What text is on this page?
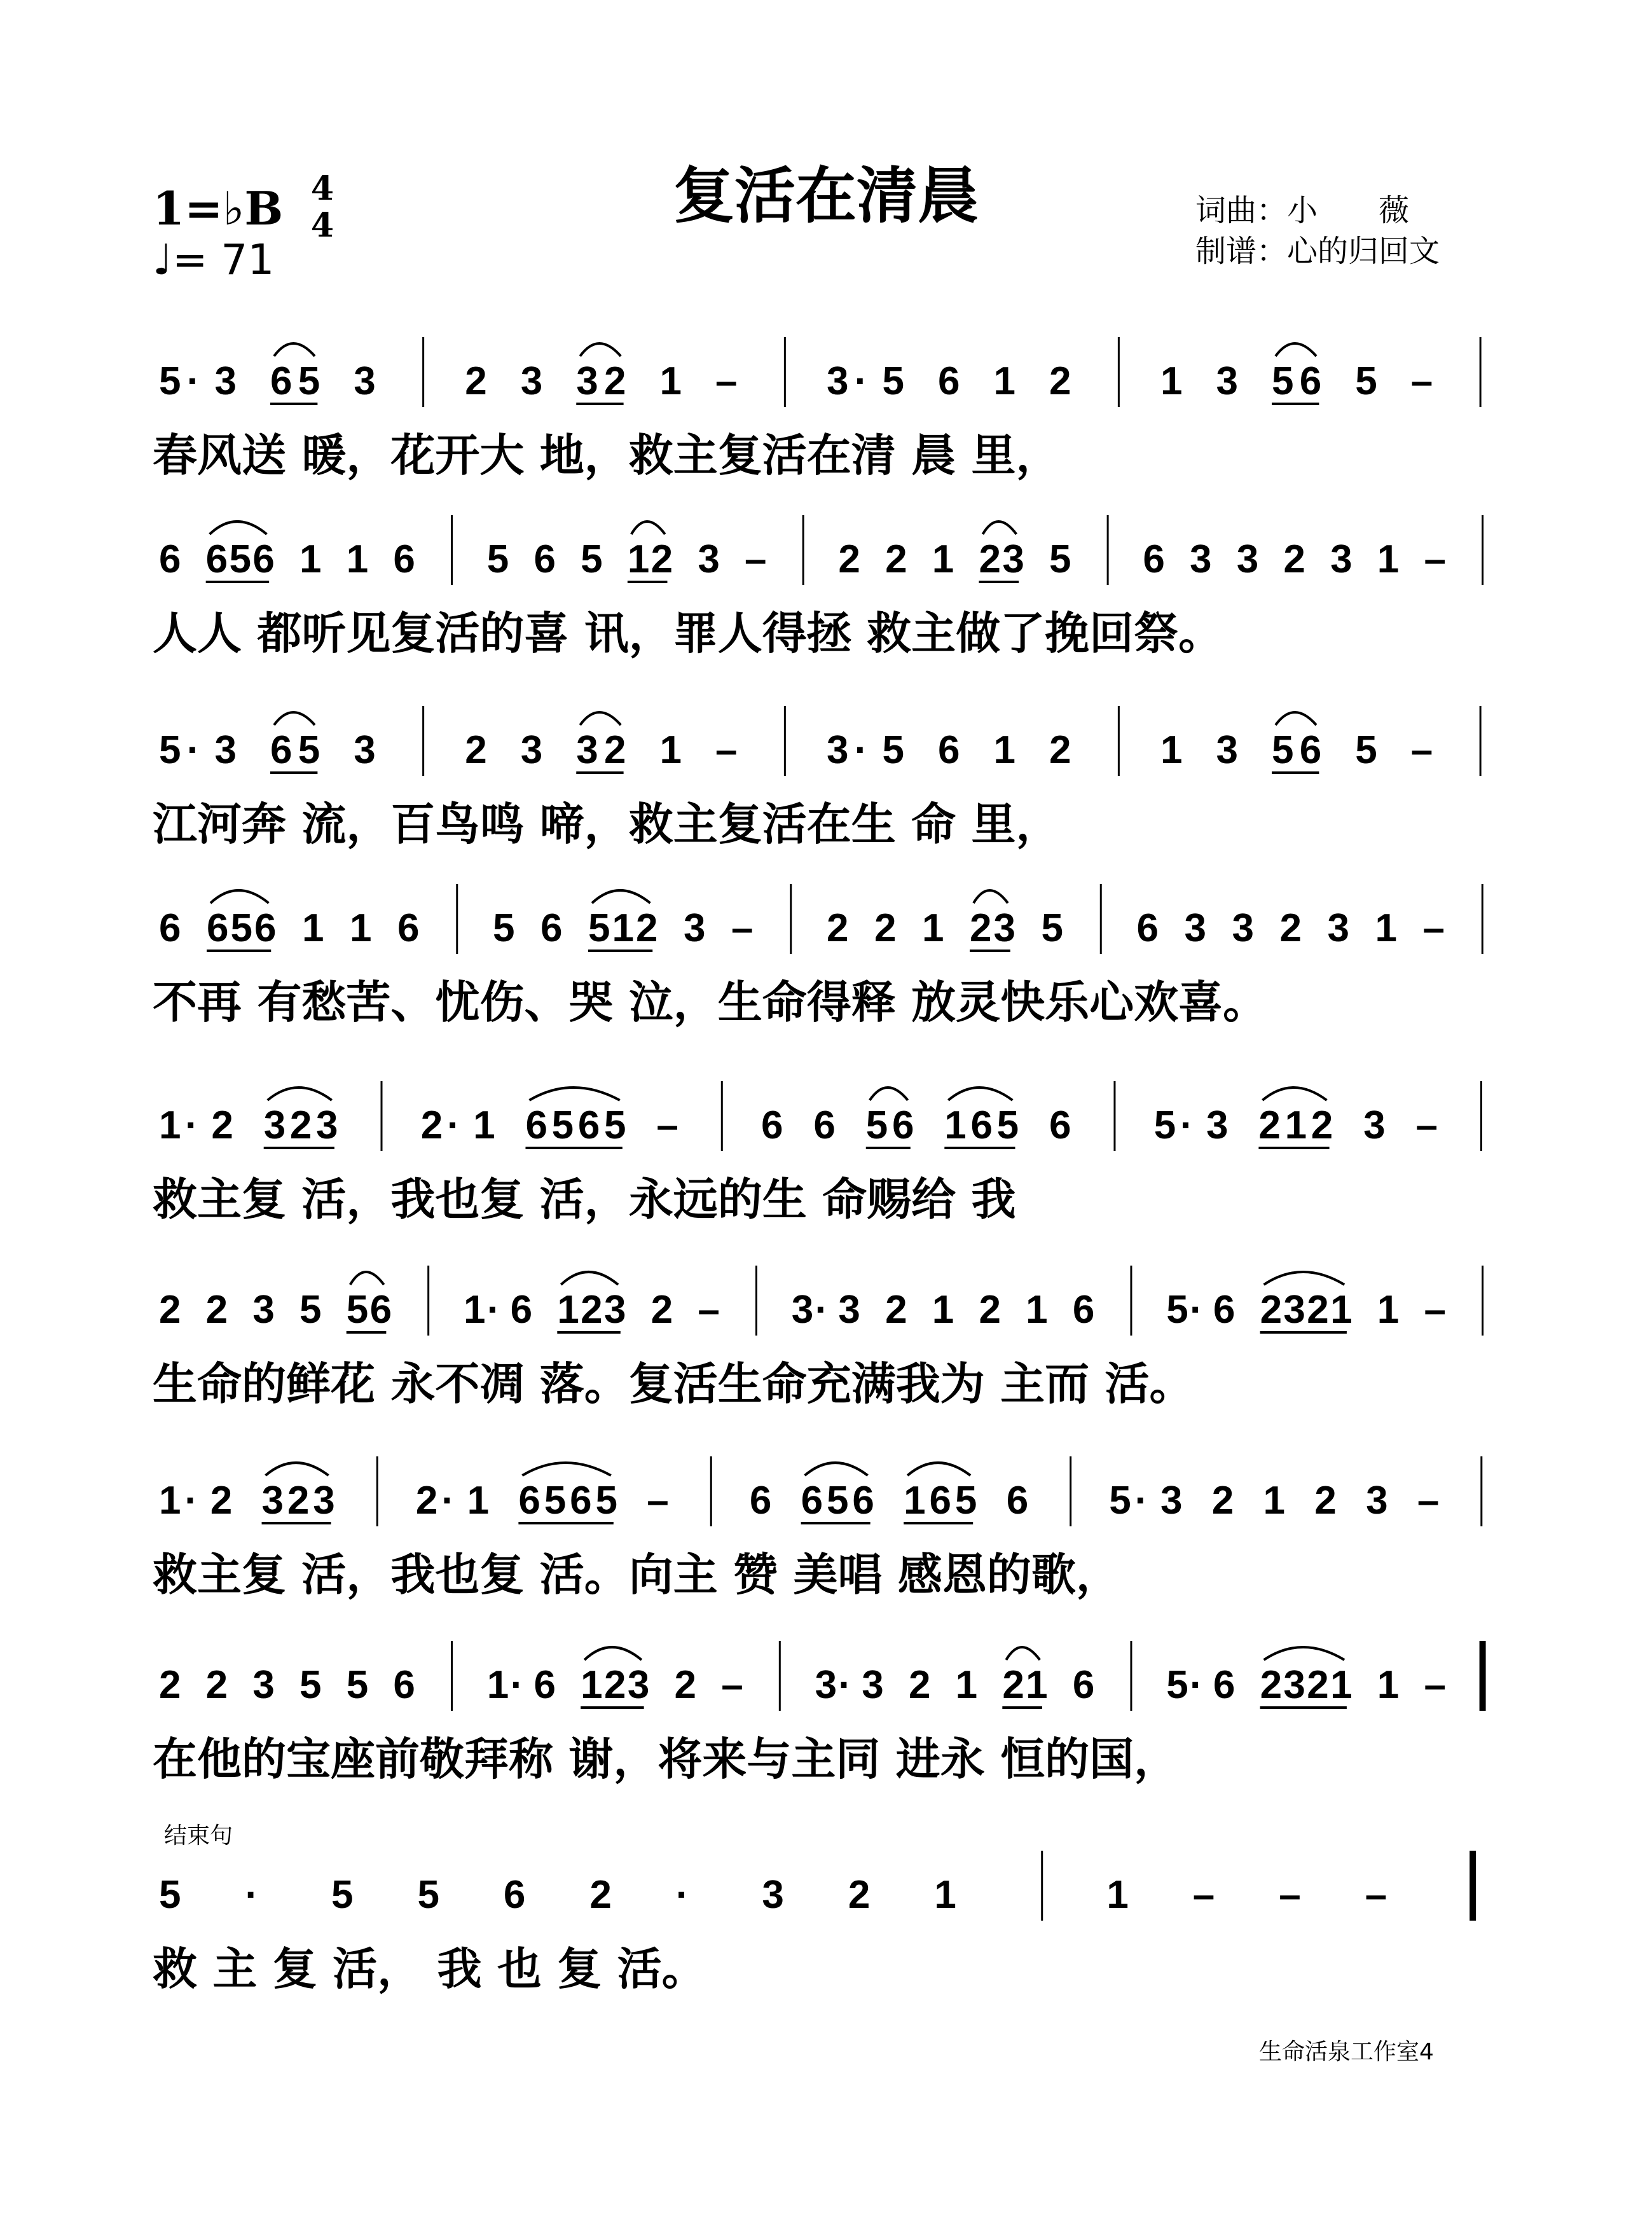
复活在清晨
1=♭B 4
4
♩= 71
词曲：小　　薇
制谱：心的归回文
5 · 3 6 5 3 2 3 3 2 1 – 3 · 5 6 1 2 1 3 5 6 5 –
春风送 暖，花开大 地，救主复活在清 晨 里，
6 6 5 6 1 1 6 5 6 5 1 2 3 – 2 2 1 2 3 5 6 3 3 2 3 1 –
人人 都听见复活的喜 讯，罪人得拯 救主做了挽回祭。
5 · 3 6 5 3 2 3 3 2 1 – 3 · 5 6 1 2 1 3 5 6 5 –
江河奔 流，百鸟鸣 啼，救主复活在生 命 里，
6 6 5 6 1 1 6 5 6 5 1 2 3 – 2 2 1 2 3 5 6 3 3 2 3 1 –
不再 有愁苦、忧伤、哭 泣，生命得释 放灵快乐心欢喜。
1 · 2 3 2 3 2 · 1 6 5 6 5 – 6 6 5 6 1 6 5 6 5 · 3 2 1 2 3 –
救主复 活，我也复 活，永远的生 命赐给 我
2 2 3 5 5 6 1 · 6 1 2 3 2 – 3 · 3 2 1 2 1 6 5 · 6 2 3 2 1 1 –
生命的鲜花 永不凋 落。复活生命充满我为 主而 活。
1 · 2 3 2 3 2 · 1 6 5 6 5 – 6 6 5 6 1 6 5 6 5 · 3 2 1 2 3 –
救主复 活，我也复 活。向主 赞 美唱 感恩的歌，
2 2 3 5 5 6 1 · 6 1 2 3 2 – 3 · 3 2 1 2 1 6 5 · 6 2 3 2 1 1 –
在他的宝座前敬拜称 谢，将来与主同 进永 恒的国，
5 · 5 5 6 2 · 3 2 1	1 – – –
救 主 复 活， 我 也 复 活。
结束句
生命活泉工作室4
